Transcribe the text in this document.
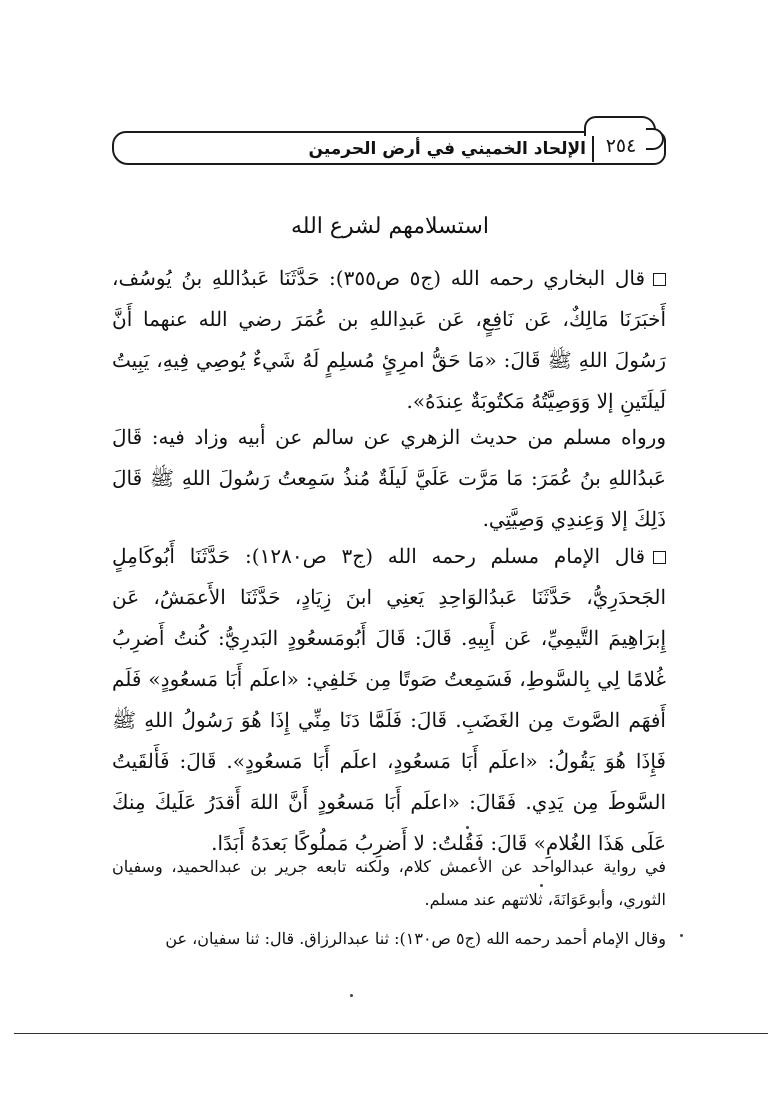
الإلحاد الخميني في أرض الحرمين	٢٥٤
استسلامهم لشرع الله

قال البخاري رحمه الله (ج٥ ص٣٥٥): حَدَّثَنَا عَبدُاللهِ بنُ يُوسُف، أَخبَرَنَا مَالِكٌ، عَن نَافِعٍ، عَن عَبدِاللهِ بن عُمَرَ رضي الله عنهما أَنَّ رَسُولَ اللهِ ﷺ قَالَ: «مَا حَقُّ امرِئٍ مُسلِمٍ لَهُ شَيءٌ يُوصِي فِيهِ، يَبِيتُ لَيلَتَينِ إلا وَوَصِيَّتُهُ مَكتُوبَةٌ عِندَهُ».

ورواه مسلم من حديث الزهري عن سالم عن أبيه وزاد فيه: قَالَ عَبدُاللهِ بنُ عُمَرَ: مَا مَرَّت عَلَيَّ لَيلَةٌ مُنذُ سَمِعتُ رَسُولَ اللهِ ﷺ قَالَ ذَلِكَ إلا وَعِندِي وَصِيَّتِي.

قال الإمام مسلم رحمه الله (ج٣ ص١٢٨٠): حَدَّثَنَا أَبُوكَامِلٍ الجَحدَرِيُّ، حَدَّثَنَا عَبدُالوَاحِدِ يَعنِي ابنَ زِيَادٍ، حَدَّثَنَا الأَعمَشُ، عَن إِبرَاهِيمَ التَّيمِيِّ، عَن أَبِيهِ. قَالَ: قَالَ أَبُومَسعُودٍ البَدرِيُّ: كُنتُ أَضرِبُ غُلامًا لِي بِالسَّوطِ، فَسَمِعتُ صَوتًا مِن خَلفِي: «اعلَم أَبَا مَسعُودٍ» فَلَم أَفهَم الصَّوتَ مِن الغَضَبِ. قَالَ: فَلَمَّا دَنَا مِنِّي إِذَا هُوَ رَسُولُ اللهِ ﷺ فَإِذَا هُوَ يَقُولُ: «اعلَم أَبَا مَسعُودٍ، اعلَم أَبَا مَسعُودٍ». قَالَ: فَأَلقَيتُ السَّوطَ مِن يَدِي. فَقَالَ: «اعلَم أَبَا مَسعُودٍ أَنَّ اللهَ أَقدَرُ عَلَيكَ مِنكَ عَلَى هَذَا الغُلامِ» قَالَ: فَقُلتُ: لا أَضرِبُ مَملُوكًا بَعدَهُ أَبَدًا.

في رواية عبدالواحد عن الأعمش كلام، ولكنه تابعه جرير بن عبدالحميد، وسفيان الثوري، وأبوعَوَانَةَ، ثلاثتهم عند مسلم.

وقال الإمام أحمد رحمه الله (ج٥ ص١٣٠): ثنا عبدالرزاق. قال: ثنا سفيان، عن
